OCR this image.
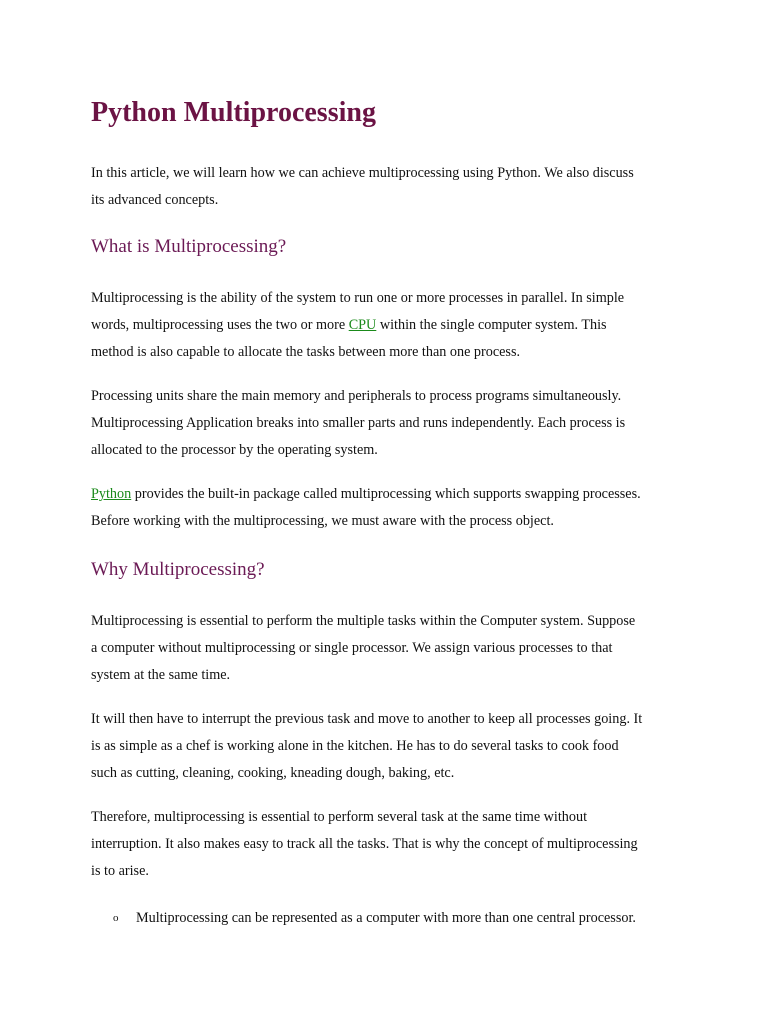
Python Multiprocessing

In this article, we will learn how we can achieve multiprocessing using Python. We also discuss
its advanced concepts.

What is Multiprocessing?

Multiprocessing is the ability of the system to run one or more processes in parallel. In simple
words, multiprocessing uses the two or more CPU within the single computer system. This
method is also capable to allocate the tasks between more than one process.

Processing units share the main memory and peripherals to process programs simultaneously.
Multiprocessing Application breaks into smaller parts and runs independently. Each process is
allocated to the processor by the operating system.

Python provides the built-in package called multiprocessing which supports swapping processes.
Before working with the multiprocessing, we must aware with the process object.

Why Multiprocessing?

Multiprocessing is essential to perform the multiple tasks within the Computer system. Suppose
a computer without multiprocessing or single processor. We assign various processes to that
system at the same time.

It will then have to interrupt the previous task and move to another to keep all processes going. It
is as simple as a chef is working alone in the kitchen. He has to do several tasks to cook food
such as cutting, cleaning, cooking, kneading dough, baking, etc.

Therefore, multiprocessing is essential to perform several task at the same time without
interruption. It also makes easy to track all the tasks. That is why the concept of multiprocessing
is to arise.

o Multiprocessing can be represented as a computer with more than one central processor.
